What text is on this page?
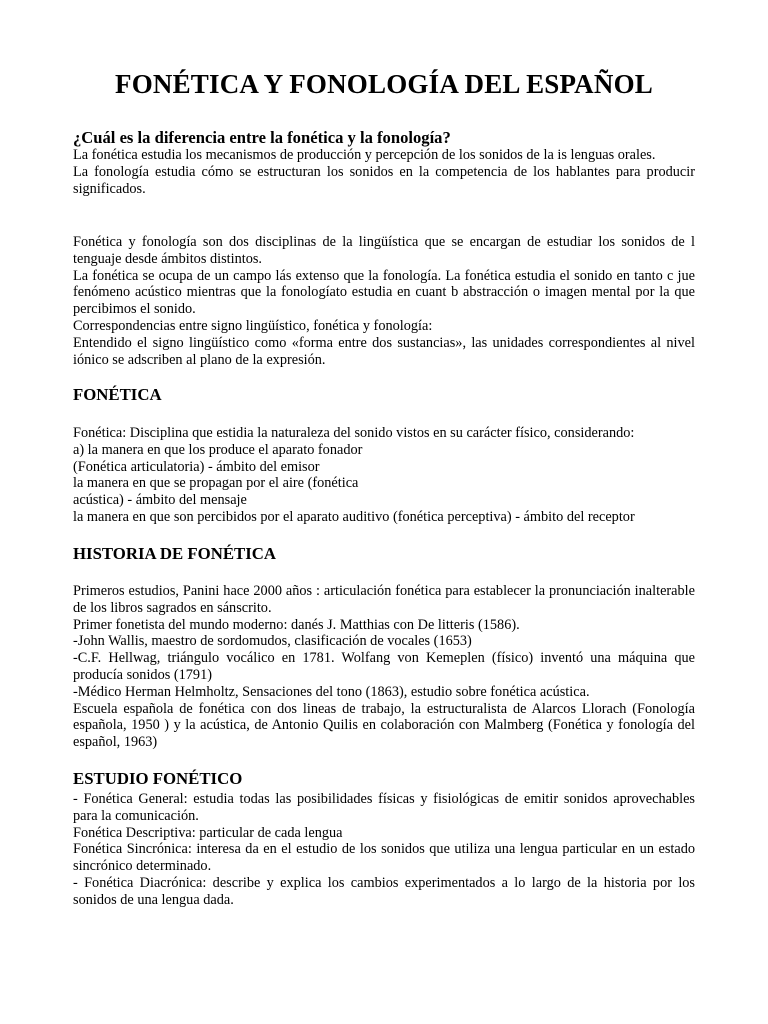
FONÉTICA Y FONOLOGÍA DEL ESPAÑOL

¿Cuál es la diferencia entre la fonética y la fonología?

La fonética estudia los mecanismos de producción y percepción de los sonidos de la is lenguas orales.

La fonología estudia cómo se estructuran los sonidos en la competencia de los hablantes para producir significados.

Fonética y fonología son dos disciplinas de la lingüística que se encargan de estudiar los sonidos de l tenguaje desde ámbitos distintos.

La fonética se ocupa de un campo lás extenso que la fonología. La fonética estudia el sonido en tanto c jue fenómeno acústico mientras que la fonologíato estudia en cuant b abstracción o imagen mental por la que percibimos el sonido.

Correspondencias entre signo lingüístico, fonética y fonología:

Entendido el signo lingüístico como «forma entre dos sustancias», las unidades correspondientes al nivel iónico se adscriben al plano de la expresión.

FONÉTICA

Fonética: Disciplina que estidia la naturaleza del sonido vistos en su carácter físico, considerando:

a) la manera en que los produce el aparato fonador

(Fonética articulatoria) - ámbito del emisor

la manera en que se propagan por el aire (fonética

acústica) - ámbito del mensaje

la manera en que son percibidos por el aparato auditivo (fonética perceptiva) - ámbito del receptor

HISTORIA DE FONÉTICA

Primeros estudios, Panini hace 2000 años : articulación fonética para establecer la pronunciación inalterable de los libros sagrados en sánscrito.

Primer fonetista del mundo moderno: danés J. Matthias con De litteris (1586).

-John Wallis, maestro de sordomudos, clasificación de vocales (1653)

-C.F. Hellwag, triángulo vocálico en 1781. Wolfang von Kemeplen (físico) inventó una máquina que producía sonidos (1791)

-Médico Herman Helmholtz, Sensaciones del tono (1863), estudio sobre fonética acústica.

Escuela española de fonética con dos lineas de trabajo, la estructuralista de Alarcos Llorach (Fonología española, 1950 ) y la acústica, de Antonio Quilis en colaboración con Malmberg (Fonética y fonología del español, 1963)

ESTUDIO FONÉTICO

- Fonética General: estudia todas las posibilidades físicas y fisiológicas de emitir sonidos aprovechables para la comunicación.

Fonética Descriptiva: particular de cada lengua

Fonética Sincrónica: interesa da en el estudio de los sonidos que utiliza una lengua particular en un estado sincrónico determinado.

- Fonética Diacrónica: describe y explica los cambios experimentados a lo largo de la historia por los sonidos de una lengua dada.
